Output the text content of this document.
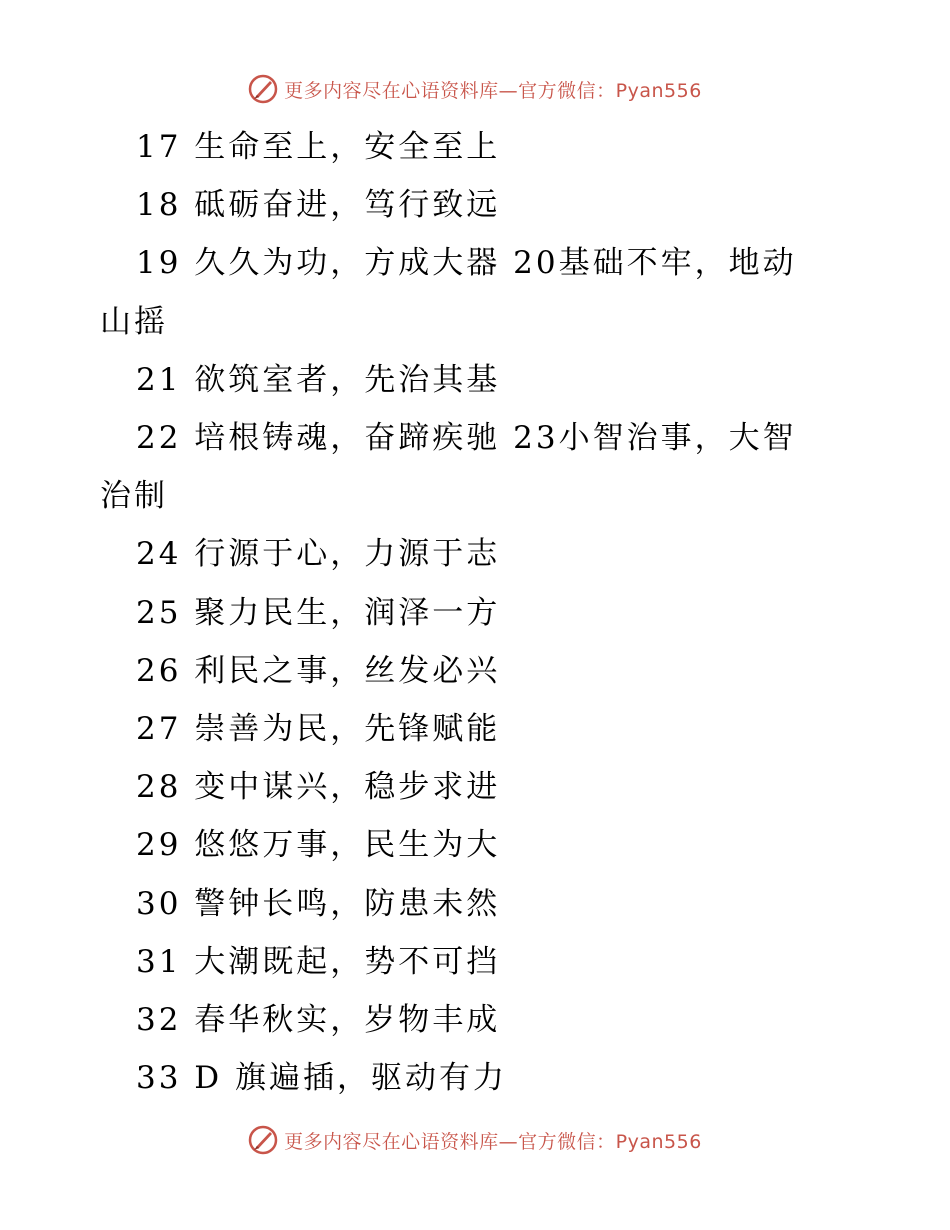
更多内容尽在心语资料库—官方微信：Pyan556

17 生命至上，安全至上

18 砥砺奋进，笃行致远

19 久久为功，方成大器 20基础不牢，地动山摇

21 欲筑室者，先治其基

22 培根铸魂，奋蹄疾驰 23小智治事，大智治制

24 行源于心，力源于志

25 聚力民生，润泽一方

26 利民之事，丝发必兴

27 崇善为民，先锋赋能

28 变中谋兴，稳步求进

29 悠悠万事，民生为大

30 警钟长鸣，防患未然

31 大潮既起，势不可挡

32 春华秋实，岁物丰成

33 D 旗遍插，驱动有力

更多内容尽在心语资料库—官方微信：Pyan556
